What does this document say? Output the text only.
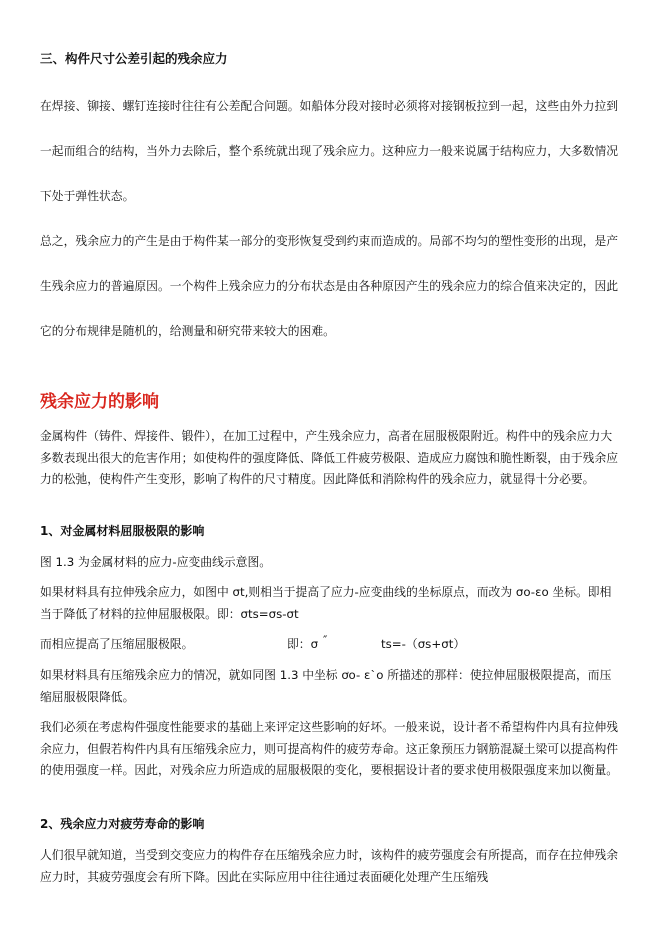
三、构件尺寸公差引起的残余应力

在焊接、铆接、螺钉连接时往往有公差配合问题。如船体分段对接时必须将对接钢板拉到一起，这些由外力拉到一起而组合的结构，当外力去除后，整个系统就出现了残余应力。这种应力一般来说属于结构应力，大多数情况下处于弹性状态。

总之，残余应力的产生是由于构件某一部分的变形恢复受到约束而造成的。局部不均匀的塑性变形的出现，是产生残余应力的普遍原因。一个构件上残余应力的分布状态是由各种原因产生的残余应力的综合值来决定的，因此它的分布规律是随机的，给测量和研究带来较大的困难。

残余应力的影响

金属构件（铸件、焊接件、锻件），在加工过程中，产生残余应力，高者在屈服极限附近。构件中的残余应力大多数表现出很大的危害作用；如使构件的强度降低、降低工件疲劳极限、造成应力腐蚀和脆性断裂，由于残余应力的松弛，使构件产生变形，影响了构件的尺寸精度。因此降低和消除构件的残余应力，就显得十分必要。

1、对金属材料屈服极限的影响
图 1.3 为金属材料的应力-应变曲线示意图。

如果材料具有拉伸残余应力，如图中 σt,则相当于提高了应力-应变曲线的坐标原点，而改为 σo-εo 坐标。即相当于降低了材料的拉伸屈服极限。即：σts=σs-σt

而相应提高了压缩屈服极限。	即：σ ″	ts=-（σs+σt）

如果材料具有压缩残余应力的情况，就如同图 1.3 中坐标 ơo- ε`o 所描述的那样：使拉伸屈服极限提高，而压缩屈服极限降低。

我们必须在考虑构件强度性能要求的基础上来评定这些影响的好坏。一般来说，设计者不希望构件内具有拉伸残余应力，但假若构件内具有压缩残余应力，则可提高构件的疲劳寿命。这正象预压力钢筋混凝土梁可以提高构件的使用强度一样。因此，对残余应力所造成的屈服极限的变化，要根据设计者的要求使用极限强度来加以衡量。

2、残余应力对疲劳寿命的影响

人们很早就知道，当受到交变应力的构件存在压缩残余应力时，该构件的疲劳强度会有所提高，而存在拉伸残余应力时，其疲劳强度会有所下降。因此在实际应用中往往通过表面硬化处理产生压缩残
